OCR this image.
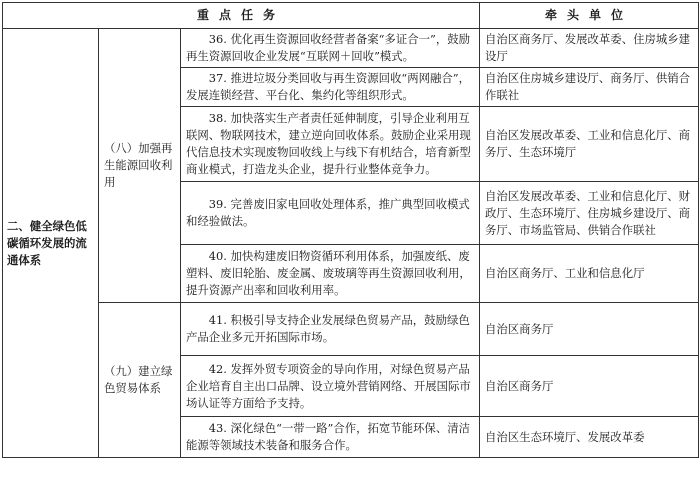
重点任务			牵头单位
二、健全绿色低碳循环发展的流通体系	（八）加强再生能源回收利用	36. 优化再生资源回收经营者备案“多证合一”，鼓励再生资源回收企业发展“互联网＋回收”模式。	自治区商务厅、发展改革委、住房城乡建设厅
		37. 推进垃圾分类回收与再生资源回收“两网融合”，发展连锁经营、平台化、集约化等组织形式。	自治区住房城乡建设厅、商务厅、供销合作联社
		38. 加快落实生产者责任延伸制度，引导企业利用互联网、物联网技术，建立逆向回收体系。鼓励企业采用现代信息技术实现废物回收线上与线下有机结合，培育新型商业模式，打造龙头企业，提升行业整体竞争力。	自治区发展改革委、工业和信息化厅、商务厅、生态环境厅
		39. 完善废旧家电回收处理体系，推广典型回收模式和经验做法。	自治区发展改革委、工业和信息化厅、财政厅、生态环境厅、住房城乡建设厅、商务厅、市场监管局、供销合作联社
		40. 加快构建废旧物资循环利用体系，加强废纸、废塑料、废旧轮胎、废金属、废玻璃等再生资源回收利用，提升资源产出率和回收利用率。	自治区商务厅、工业和信息化厅
	（九）建立绿色贸易体系	41. 积极引导支持企业发展绿色贸易产品，鼓励绿色产品企业多元开拓国际市场。	自治区商务厅
		42. 发挥外贸专项资金的导向作用，对绿色贸易产品企业培育自主出口品牌、设立境外营销网络、开展国际市场认证等方面给予支持。	自治区商务厅
		43. 深化绿色“一带一路”合作，拓宽节能环保、清洁能源等领域技术装备和服务合作。	自治区生态环境厅、发展改革委
